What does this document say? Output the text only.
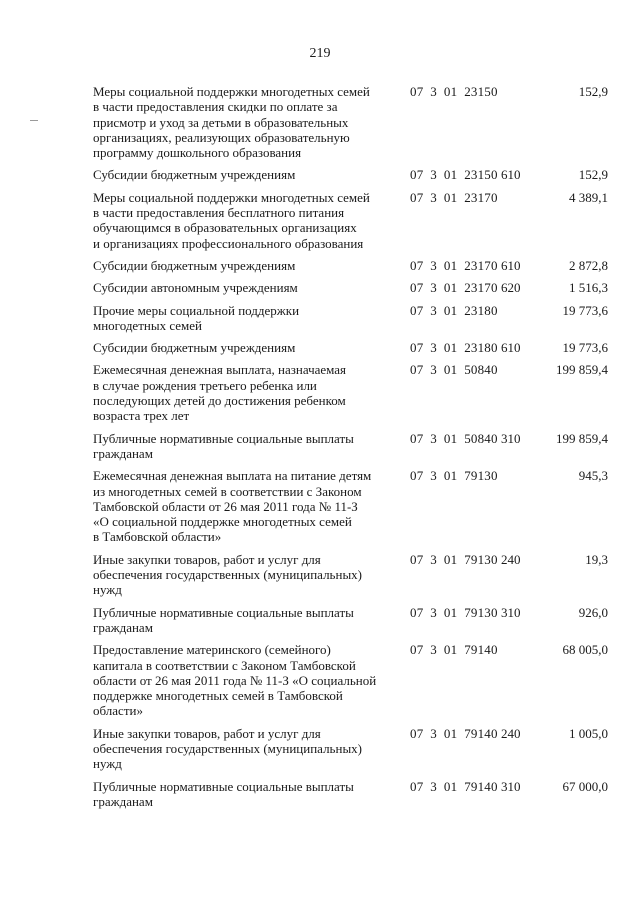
219
Меры социальной поддержки многодетных семей
в части предоставления скидки по оплате за
присмотр и уход за детьми в образовательных
организациях, реализующих образовательную
программу дошкольного образования
07  3  01  23150	152,9
Субсидии бюджетным учреждениям	07  3  01  23150 610	152,9
Меры социальной поддержки многодетных семей
в части предоставления бесплатного питания
обучающимся в образовательных организациях
и организациях профессионального образования
07  3  01  23170	4 389,1
Субсидии бюджетным учреждениям	07  3  01  23170 610	2 872,8
Субсидии автономным учреждениям	07  3  01  23170 620	1 516,3
Прочие меры социальной поддержки
многодетных семей
07  3  01  23180	19 773,6
Субсидии бюджетным учреждениям	07  3  01  23180 610	19 773,6
Ежемесячная денежная выплата, назначаемая
в случае рождения третьего ребенка или
последующих детей до достижения ребенком
возраста трех лет
07  3  01  50840	199 859,4
Публичные нормативные социальные выплаты
гражданам
07  3  01  50840 310	199 859,4
Ежемесячная денежная выплата на питание детям
из многодетных семей в соответствии с Законом
Тамбовской области от 26 мая 2011 года № 11-З
«О социальной поддержке многодетных семей
в Тамбовской области»
07  3  01  79130	945,3
Иные закупки товаров, работ и услуг для
обеспечения государственных (муниципальных)
нужд
07  3  01  79130 240	19,3
Публичные нормативные социальные выплаты
гражданам
07  3  01  79130 310	926,0
Предоставление материнского (семейного)
капитала в соответствии с Законом Тамбовской
области от 26 мая 2011 года № 11-З «О социальной
поддержке многодетных семей в Тамбовской
области»
07  3  01  79140	68 005,0
Иные закупки товаров, работ и услуг для
обеспечения государственных (муниципальных)
нужд
07  3  01  79140 240	1 005,0
Публичные нормативные социальные выплаты
гражданам
07  3  01  79140 310	67 000,0
